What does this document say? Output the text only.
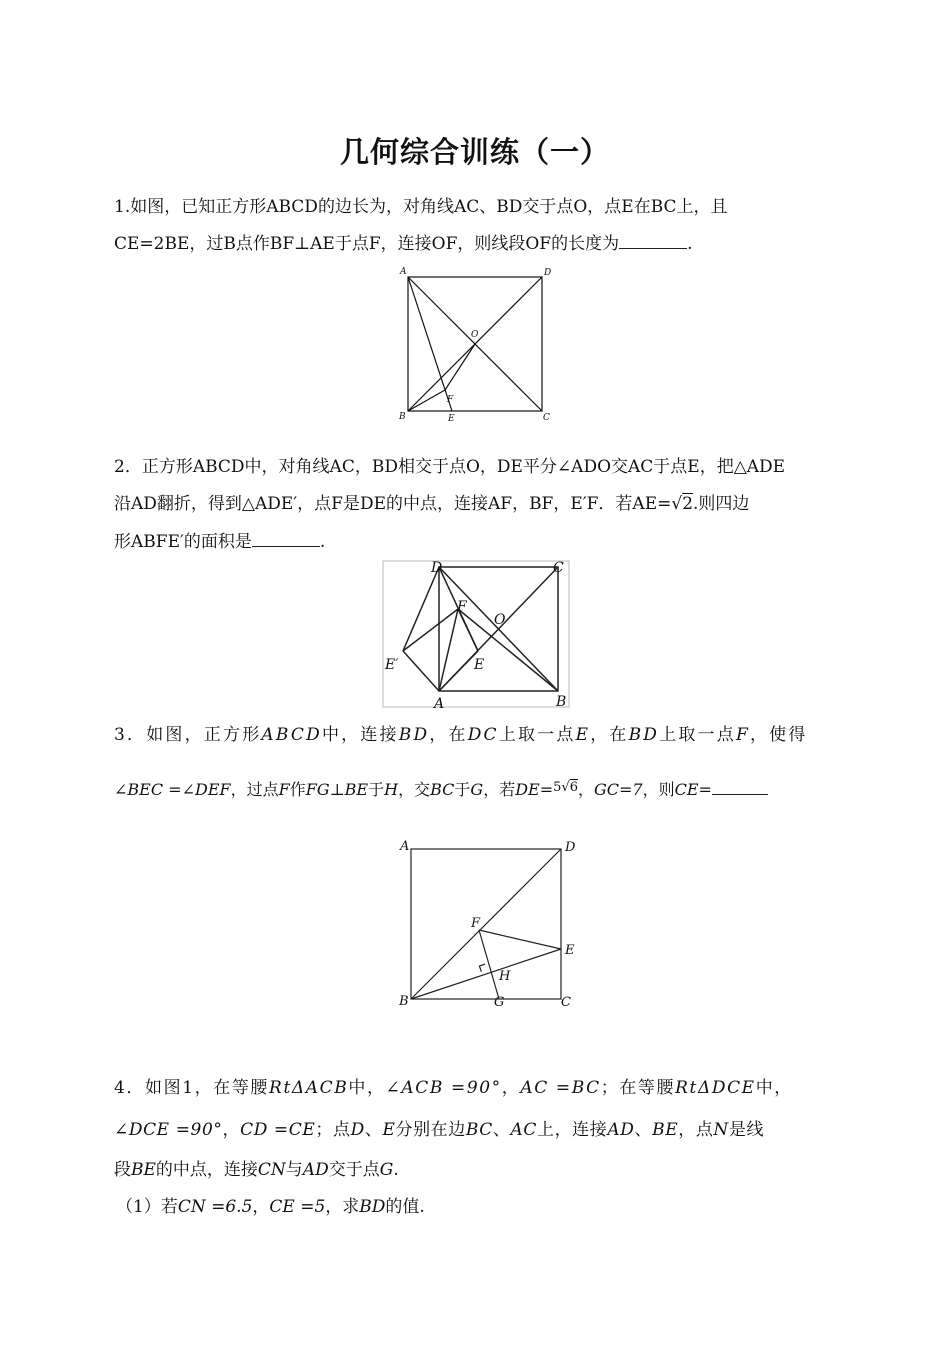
几何综合训练（一）
1.如图，已知正方形ABCD的边长为，对角线AC、BD交于点O，点E在BC上，且
CE=2BE，过B点作BF⊥AE于点F，连接OF，则线段OF的长度为	.
A	D
B	C
O
E
F
2．正方形ABCD中，对角线AC，BD相交于点O，DE平分∠ADO交AC于点E，把△ADE
沿AD翻折，得到△ADE′，点F是DE的中点，连接AF，BF，E′F．若AE=√2.则四边
形ABFE′的面积是	.
D	C
F
O
E′	E
A	B
3．如图，正方形ABCD中，连接BD，在DC上取一点E，在BD上取一点F，使得
∠BEC =∠DEF，过点F作FG⊥BE于H，交BC于G，若DE=$^{5√6}$，GC=7，则CE=
A	D
F
E
H
B	G	C
4．如图1，在等腰RtΔACB中，∠ACB =90°，AC =BC；在等腰RtΔDCE中，
∠DCE =90°，CD =CE；点D、E分别在边BC、AC上，连接AD、BE，点N是线
段BE的中点，连接CN与AD交于点G.
（1）若CN =6.5，CE =5，求BD的值.
